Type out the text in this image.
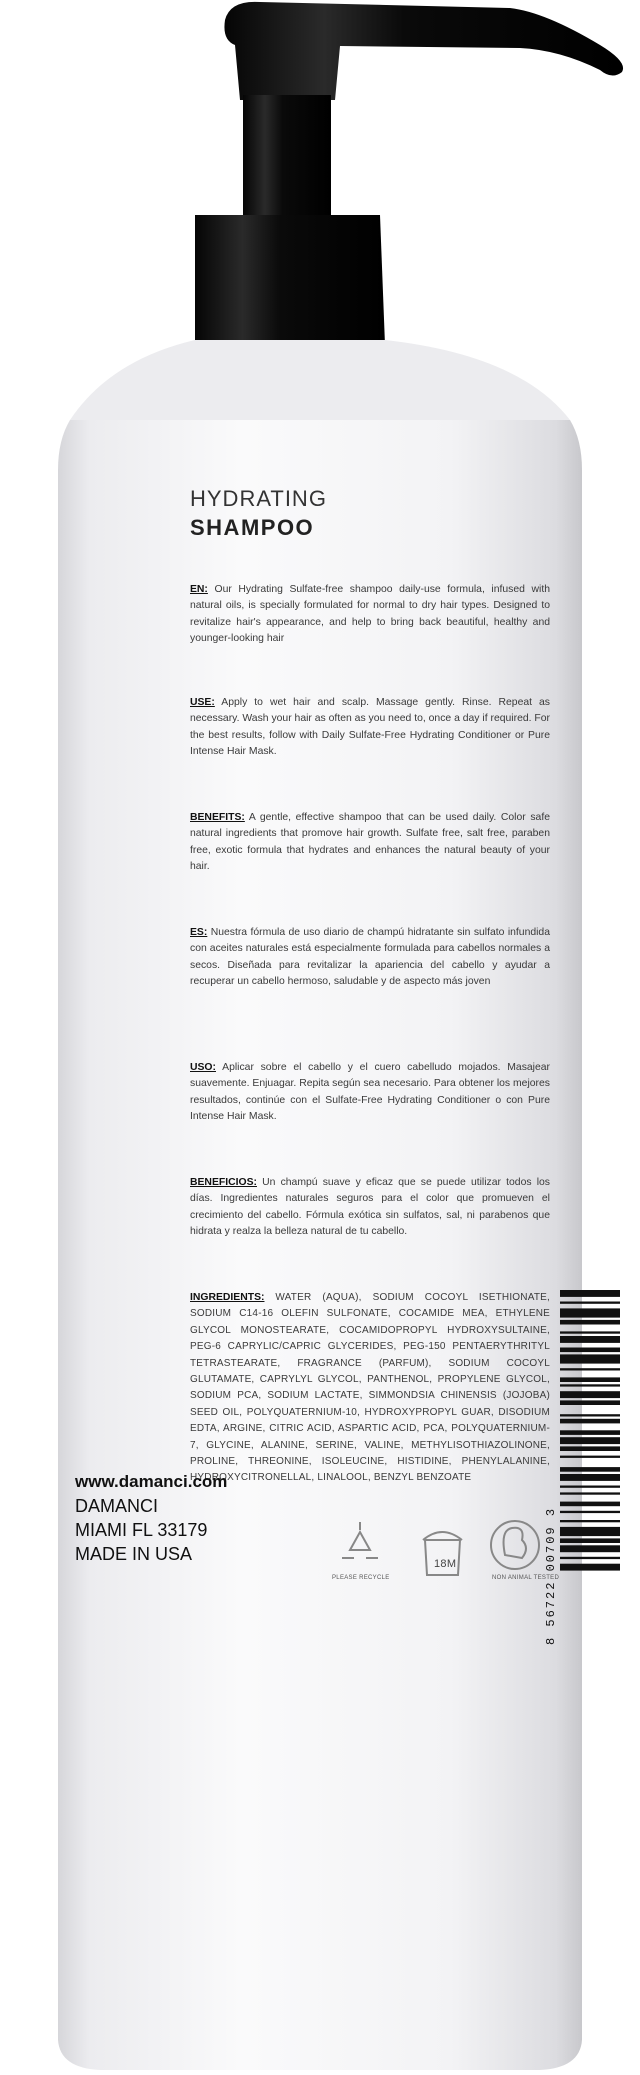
HYDRATING
SHAMPOO
EN: Our Hydrating Sulfate-free shampoo daily-use formula, infused with natural oils, is specially formulated for normal to dry hair types. Designed to revitalize hair's appearance, and help to bring back beautiful, healthy and younger-looking hair
USE: Apply to wet hair and scalp. Massage gently. Rinse. Repeat as necessary. Wash your hair as often as you need to, once a day if required. For the best results, follow with Daily Sulfate-Free Hydrating Conditioner or Pure Intense Hair Mask.
BENEFITS: A gentle, effective shampoo that can be used daily. Color safe natural ingredients that promove hair growth. Sulfate free, salt free, paraben free, exotic formula that hydrates and enhances the natural beauty of your hair.
ES: Nuestra fórmula de uso diario de champú hidratante sin sulfato infundida con aceites naturales está especialmente formulada para cabellos normales a secos. Diseñada para revitalizar la apariencia del cabello y ayudar a recuperar un cabello hermoso, saludable y de aspecto más joven
USO: Aplicar sobre el cabello y el cuero cabelludo mojados. Masajear suavemente. Enjuagar. Repita según sea necesario. Para obtener los mejores resultados, continúe con el Sulfate-Free Hydrating Conditioner o con Pure Intense Hair Mask.
BENEFICIOS: Un champú suave y eficaz que se puede utilizar todos los días. Ingredientes naturales seguros para el color que promueven el crecimiento del cabello. Fórmula exótica sin sulfatos, sal, ni parabenos que hidrata y realza la belleza natural de tu cabello.
INGREDIENTS: WATER (AQUA), SODIUM COCOYL ISETHIONATE, SODIUM C14-16 OLEFIN SULFONATE, COCAMIDE MEA, ETHYLENE GLYCOL MONOSTEARATE, COCAMIDOPROPYL HYDROXYSULTAINE, PEG-6 CAPRYLIC/CAPRIC GLYCERIDES, PEG-150 PENTAERYTHRITYL TETRASTEARATE, FRAGRANCE (PARFUM), SODIUM COCOYL GLUTAMATE, CAPRYLYL GLYCOL, PANTHENOL, PROPYLENE GLYCOL, SODIUM PCA, SODIUM LACTATE, SIMMONDSIA CHINENSIS (JOJOBA) SEED OIL, POLYQUATERNIUM-10, HYDROXYPROPYL GUAR, DISODIUM EDTA, ARGINE, CITRIC ACID, ASPARTIC ACID, PCA, POLYQUATERNIUM-7, GLYCINE, ALANINE, SERINE, VALINE, METHYLISOTHIAZOLINONE, PROLINE, THREONINE, ISOLEUCINE, HISTIDINE, PHENYLALANINE, HYDROXYCITRONELLAL, LINALOOL, BENZYL BENZOATE
www.damanci.com
DAMANCI
MIAMI FL 33179
MADE IN USA
PLEASE RECYCLE
18M
NON ANIMAL TESTED
8 56722 00709 3
